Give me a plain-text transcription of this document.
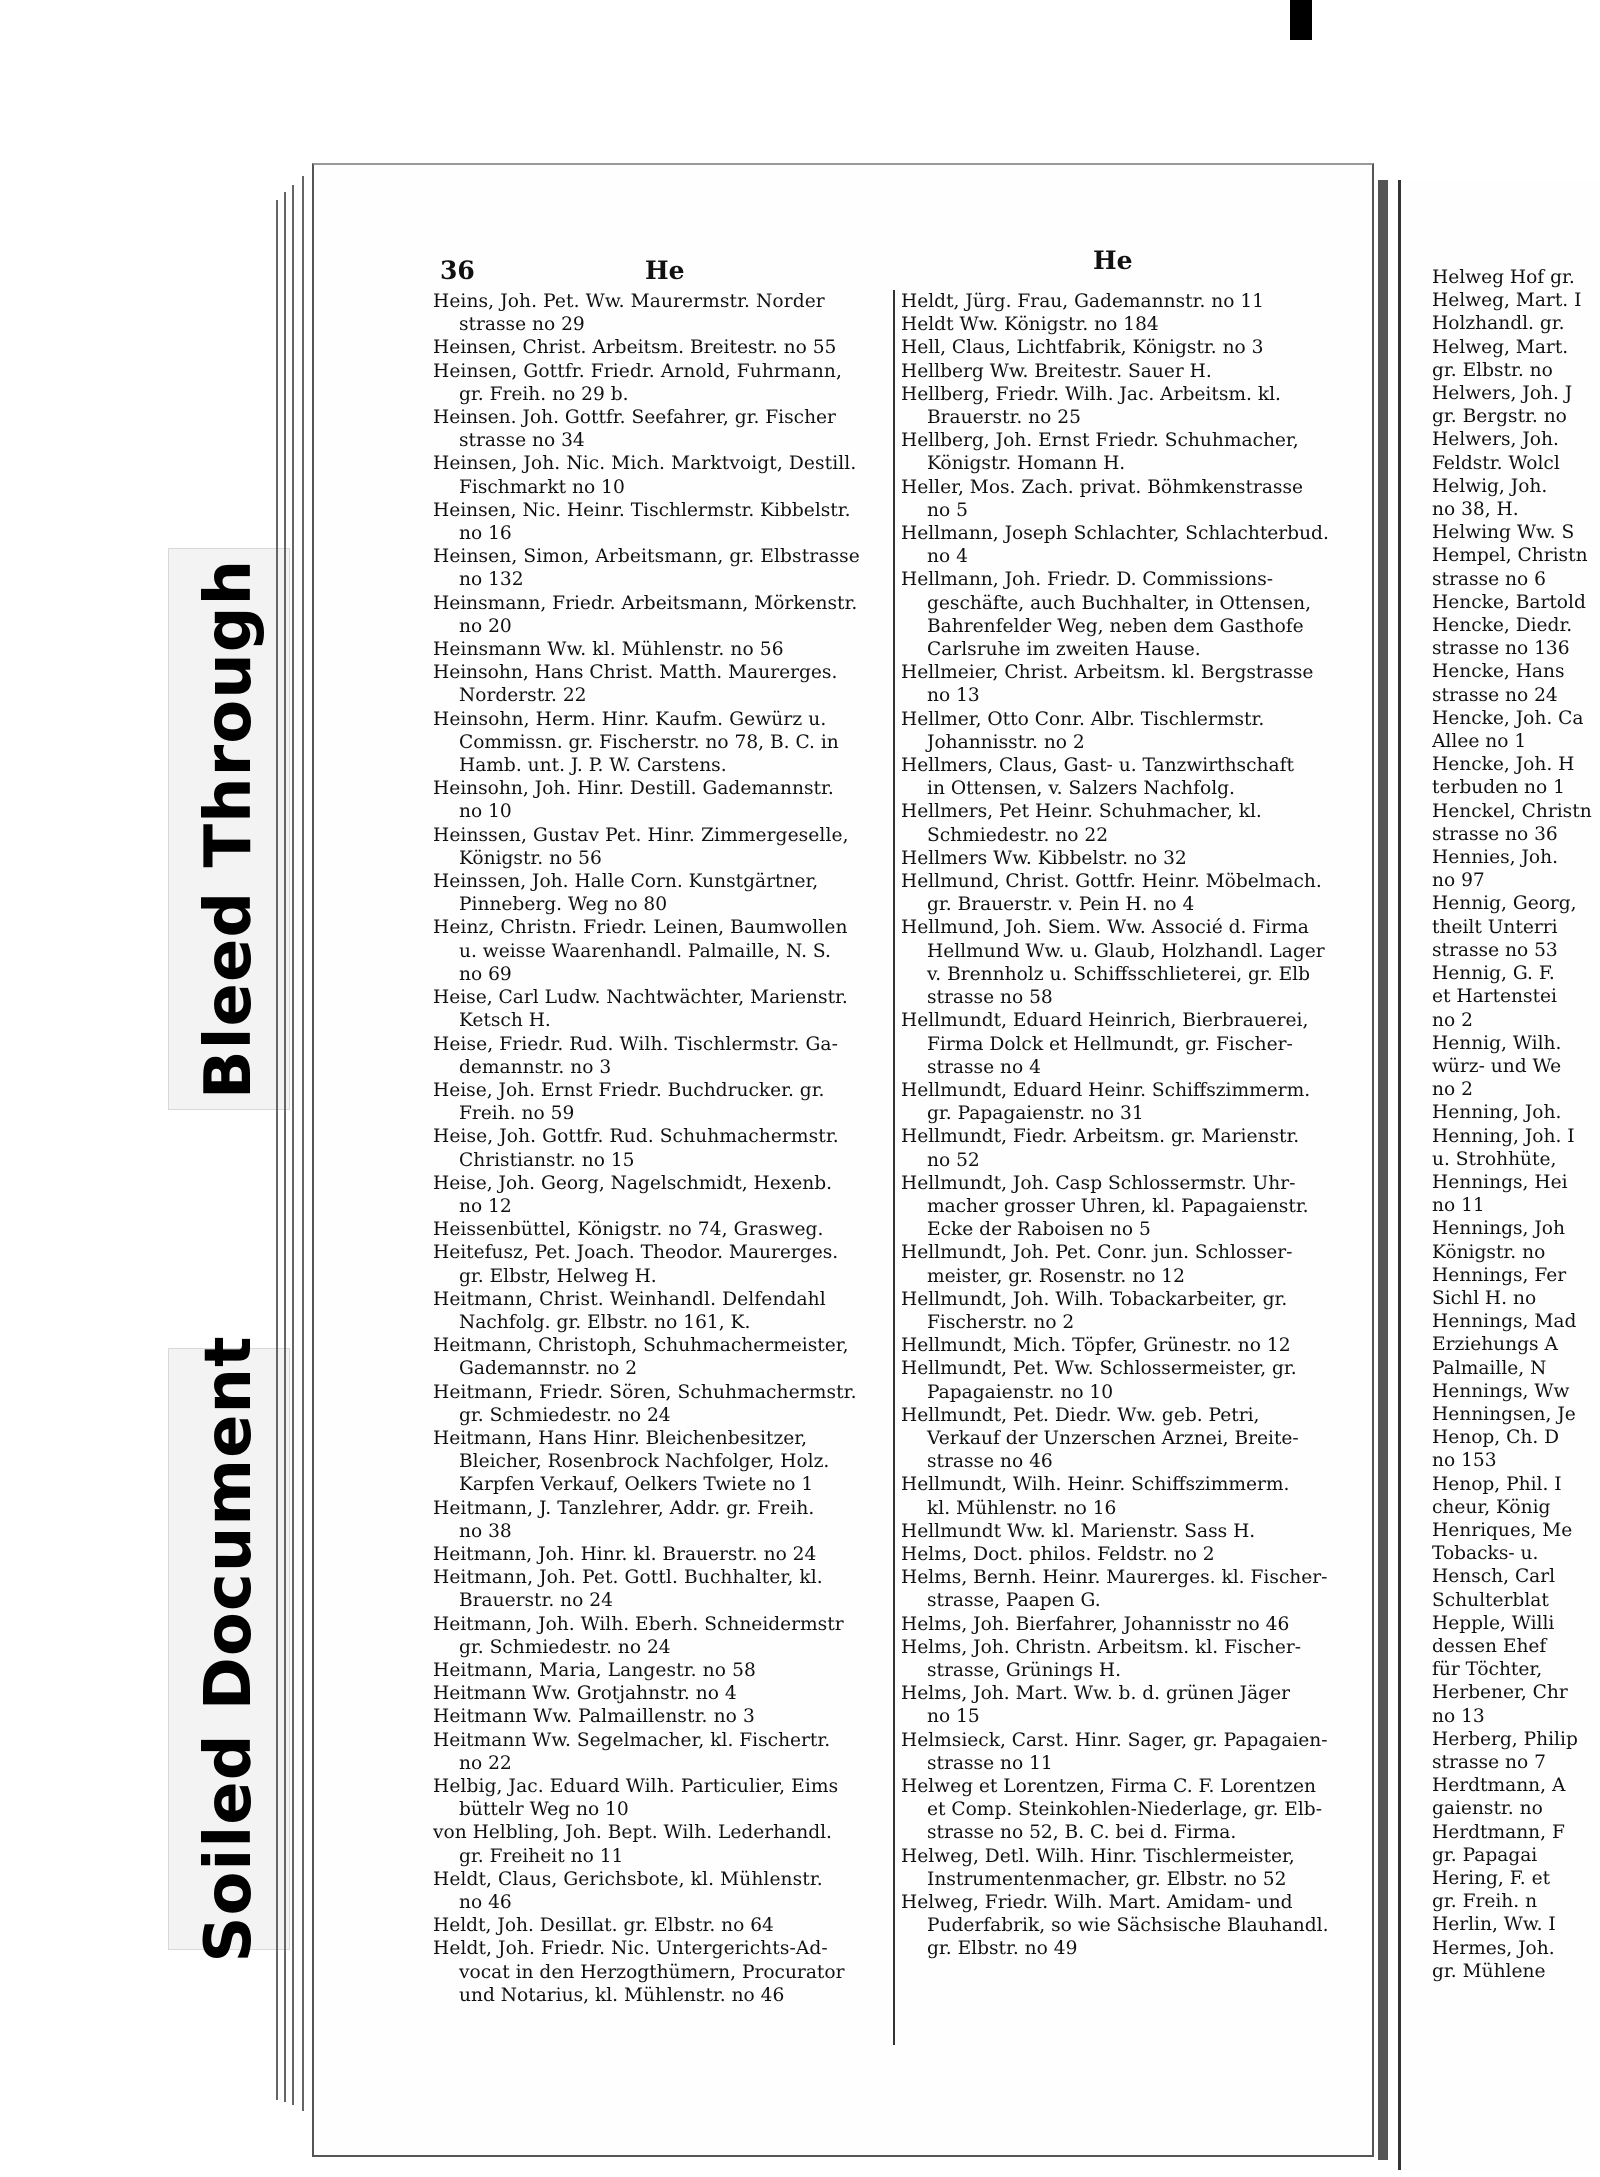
Bleed Through
Soiled Document
36	He	He
Heins, Joh. Pet. Ww. Maurermstr. Norder
strasse no 29
Heinsen, Christ. Arbeitsm. Breitestr. no 55
Heinsen, Gottfr. Friedr. Arnold, Fuhrmann,
gr. Freih. no 29 b.
Heinsen. Joh. Gottfr. Seefahrer, gr. Fischer
strasse no 34
Heinsen, Joh. Nic. Mich. Marktvoigt, Destill.
Fischmarkt no 10
Heinsen, Nic. Heinr. Tischlermstr. Kibbelstr.
no 16
Heinsen, Simon, Arbeitsmann, gr. Elbstrasse
no 132
Heinsmann, Friedr. Arbeitsmann, Mörkenstr.
no 20
Heinsmann Ww. kl. Mühlenstr. no 56
Heinsohn, Hans Christ. Matth. Maurerges.
Norderstr. 22
Heinsohn, Herm. Hinr. Kaufm. Gewürz u.
Commissn. gr. Fischerstr. no 78, B. C. in
Hamb. unt. J. P. W. Carstens.
Heinsohn, Joh. Hinr. Destill. Gademannstr.
no 10
Heinssen, Gustav Pet. Hinr. Zimmergeselle,
Königstr. no 56
Heinssen, Joh. Halle Corn. Kunstgärtner,
Pinneberg. Weg no 80
Heinz, Christn. Friedr. Leinen, Baumwollen
u. weisse Waarenhandl. Palmaille, N. S.
no 69
Heise, Carl Ludw. Nachtwächter, Marienstr.
Ketsch H.
Heise, Friedr. Rud. Wilh. Tischlermstr. Ga-
demannstr. no 3
Heise, Joh. Ernst Friedr. Buchdrucker. gr.
Freih. no 59
Heise, Joh. Gottfr. Rud. Schuhmachermstr.
Christianstr. no 15
Heise, Joh. Georg, Nagelschmidt, Hexenb.
no 12
Heissenbüttel, Königstr. no 74, Grasweg.
Heitefusz, Pet. Joach. Theodor. Maurerges.
gr. Elbstr, Helweg H.
Heitmann, Christ. Weinhandl. Delfendahl
Nachfolg. gr. Elbstr. no 161, K.
Heitmann, Christoph, Schuhmachermeister,
Gademannstr. no 2
Heitmann, Friedr. Sören, Schuhmachermstr.
gr. Schmiedestr. no 24
Heitmann, Hans Hinr. Bleichenbesitzer,
Bleicher, Rosenbrock Nachfolger, Holz.
Karpfen Verkauf, Oelkers Twiete no 1
Heitmann, J. Tanzlehrer, Addr. gr. Freih.
no 38
Heitmann, Joh. Hinr. kl. Brauerstr. no 24
Heitmann, Joh. Pet. Gottl. Buchhalter, kl.
Brauerstr. no 24
Heitmann, Joh. Wilh. Eberh. Schneidermstr
gr. Schmiedestr. no 24
Heitmann, Maria, Langestr. no 58
Heitmann Ww. Grotjahnstr. no 4
Heitmann Ww. Palmaillenstr. no 3
Heitmann Ww. Segelmacher, kl. Fischertr.
no 22
Helbig, Jac. Eduard Wilh. Particulier, Eims
büttelr Weg no 10
von Helbling, Joh. Bept. Wilh. Lederhandl.
gr. Freiheit no 11
Heldt, Claus, Gerichsbote, kl. Mühlenstr.
no 46
Heldt, Joh. Desillat. gr. Elbstr. no 64
Heldt, Joh. Friedr. Nic. Untergerichts-Ad-
vocat in den Herzogthümern, Procurator
und Notarius, kl. Mühlenstr. no 46
Heldt, Jürg. Frau, Gademannstr. no 11
Heldt Ww. Königstr. no 184
Hell, Claus, Lichtfabrik, Königstr. no 3
Hellberg Ww. Breitestr. Sauer H.
Hellberg, Friedr. Wilh. Jac. Arbeitsm. kl.
Brauerstr. no 25
Hellberg, Joh. Ernst Friedr. Schuhmacher,
Königstr. Homann H.
Heller, Mos. Zach. privat. Böhmkenstrasse
no 5
Hellmann, Joseph Schlachter, Schlachterbud.
no 4
Hellmann, Joh. Friedr. D. Commissions-
geschäfte, auch Buchhalter, in Ottensen,
Bahrenfelder Weg, neben dem Gasthofe
Carlsruhe im zweiten Hause.
Hellmeier, Christ. Arbeitsm. kl. Bergstrasse
no 13
Hellmer, Otto Conr. Albr. Tischlermstr.
Johannisstr. no 2
Hellmers, Claus, Gast- u. Tanzwirthschaft
in Ottensen, v. Salzers Nachfolg.
Hellmers, Pet Heinr. Schuhmacher, kl.
Schmiedestr. no 22
Hellmers Ww. Kibbelstr. no 32
Hellmund, Christ. Gottfr. Heinr. Möbelmach.
gr. Brauerstr. v. Pein H. no 4
Hellmund, Joh. Siem. Ww. Associé d. Firma
Hellmund Ww. u. Glaub, Holzhandl. Lager
v. Brennholz u. Schiffsschlieterei, gr. Elb
strasse no 58
Hellmundt, Eduard Heinrich, Bierbrauerei,
Firma Dolck et Hellmundt, gr. Fischer-
strasse no 4
Hellmundt, Eduard Heinr. Schiffszimmerm.
gr. Papagaienstr. no 31
Hellmundt, Fiedr. Arbeitsm. gr. Marienstr.
no 52
Hellmundt, Joh. Casp Schlossermstr. Uhr-
macher grosser Uhren, kl. Papagaienstr.
Ecke der Raboisen no 5
Hellmundt, Joh. Pet. Conr. jun. Schlosser-
meister, gr. Rosenstr. no 12
Hellmundt, Joh. Wilh. Tobackarbeiter, gr.
Fischerstr. no 2
Hellmundt, Mich. Töpfer, Grünestr. no 12
Hellmundt, Pet. Ww. Schlossermeister, gr.
Papagaienstr. no 10
Hellmundt, Pet. Diedr. Ww. geb. Petri,
Verkauf der Unzerschen Arznei, Breite-
strasse no 46
Hellmundt, Wilh. Heinr. Schiffszimmerm.
kl. Mühlenstr. no 16
Hellmundt Ww. kl. Marienstr. Sass H.
Helms, Doct. philos. Feldstr. no 2
Helms, Bernh. Heinr. Maurerges. kl. Fischer-
strasse, Paapen G.
Helms, Joh. Bierfahrer, Johannisstr no 46
Helms, Joh. Christn. Arbeitsm. kl. Fischer-
strasse, Grünings H.
Helms, Joh. Mart. Ww. b. d. grünen Jäger
no 15
Helmsieck, Carst. Hinr. Sager, gr. Papagaien-
strasse no 11
Helweg et Lorentzen, Firma C. F. Lorentzen
et Comp. Steinkohlen-Niederlage, gr. Elb-
strasse no 52, B. C. bei d. Firma.
Helweg, Detl. Wilh. Hinr. Tischlermeister,
Instrumentenmacher, gr. Elbstr. no 52
Helweg, Friedr. Wilh. Mart. Amidam- und
Puderfabrik, so wie Sächsische Blauhandl.
gr. Elbstr. no 49
Helweg Hof gr.
Helweg, Mart. I
Holzhandl. gr.
Helweg, Mart.
gr. Elbstr. no
Helwers, Joh. J
gr. Bergstr. no
Helwers, Joh.
Feldstr. Wolcl
Helwig, Joh.
no 38, H.
Helwing Ww. S
Hempel, Christn
strasse no 6
Hencke, Bartold
Hencke, Diedr.
strasse no 136
Hencke, Hans
strasse no 24
Hencke, Joh. Ca
Allee no 1
Hencke, Joh. H
terbuden no 1
Henckel, Christn
strasse no 36
Hennies, Joh.
no 97
Hennig, Georg,
theilt Unterri
strasse no 53
Hennig, G. F.
et Hartenstei
no 2
Hennig, Wilh.
würz- und We
no 2
Henning, Joh.
Henning, Joh. I
u. Strohhüte,
Hennings, Hei
no 11
Hennings, Joh
Königstr. no
Hennings, Fer
Sichl H. no
Hennings, Mad
Erziehungs A
Palmaille, N
Hennings, Ww
Henningsen, Je
Henop, Ch. D
no 153
Henop, Phil. I
cheur, König
Henriques, Me
Tobacks- u.
Hensch, Carl
Schulterblat
Hepple, Willi
dessen Ehef
für Töchter,
Herbener, Chr
no 13
Herberg, Philip
strasse no 7
Herdtmann, A
gaienstr. no
Herdtmann, F
gr. Papagai
Hering, F. et
gr. Freih. n
Herlin, Ww. I
Hermes, Joh.
gr. Mühlene
